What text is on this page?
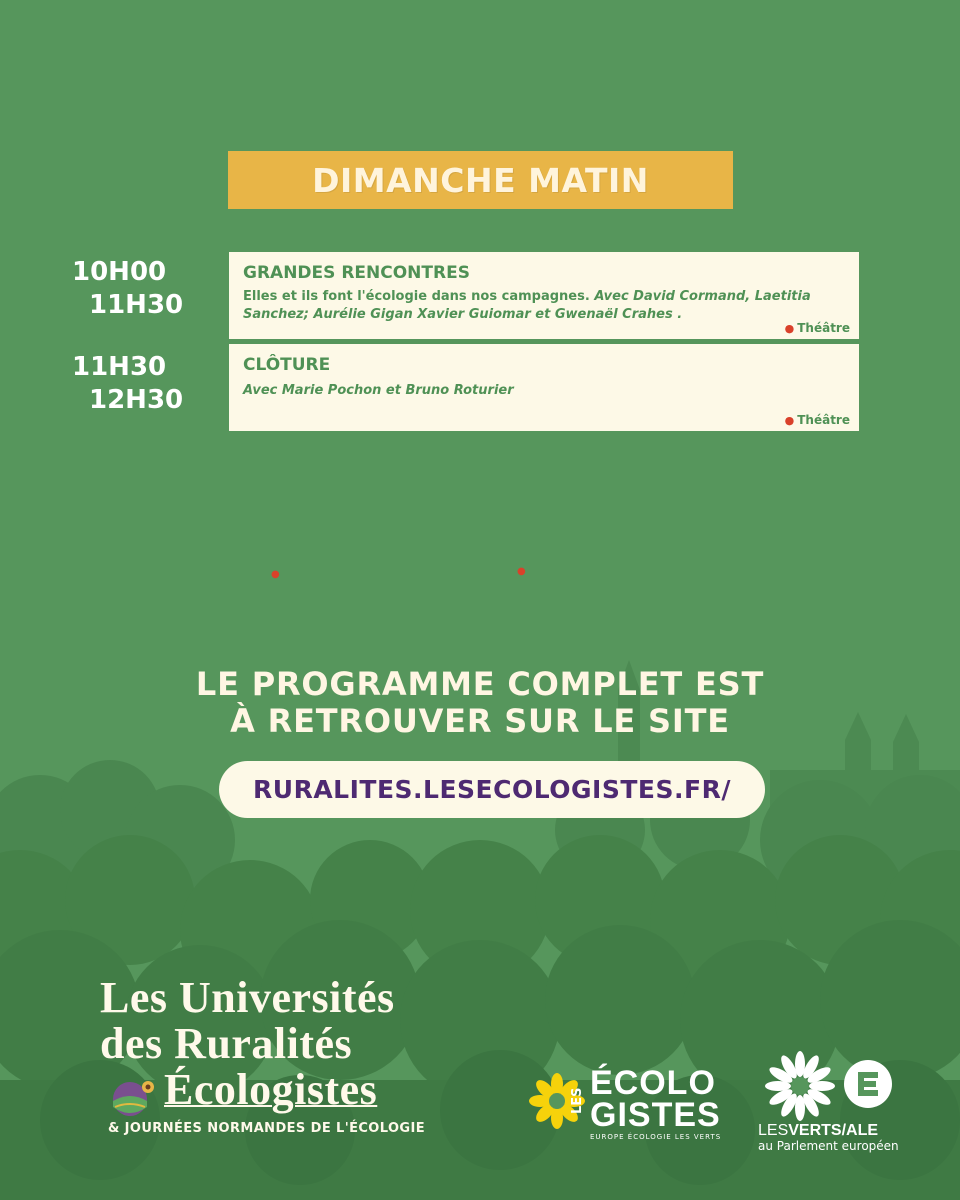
DIMANCHE MATIN
10H00
11H30
GRANDES RENCONTRES
Elles et ils font l'écologie dans nos campagnes. Avec David Cormand, Laetitia Sanchez; Aurélie Gigan Xavier Guiomar et Gwenaël Crahes .
● Théâtre
11H30
12H30
CLÔTURE
Avec Marie Pochon et Bruno Roturier
● Théâtre
●	●
LE PROGRAMME COMPLET EST
À RETROUVER SUR LE SITE
RURALITES.LESECOLOGISTES.FR/
Les Universités
des Ruralités
Écologistes
& JOURNÉES NORMANDES DE L'ÉCOLOGIE
LES ÉCOLO
GISTES
EUROPE ÉCOLOGIE LES VERTS LESVERTS/ALE
au Parlement européen
